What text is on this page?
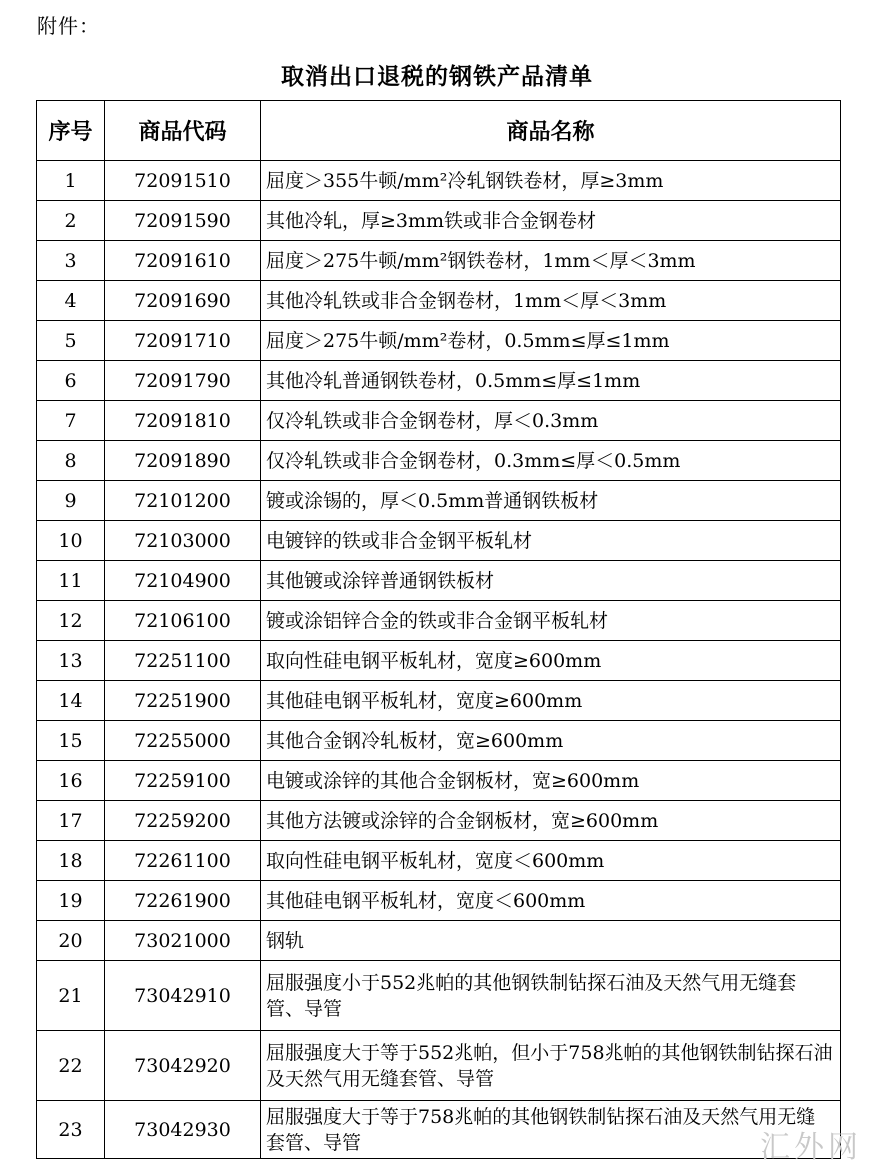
附件：
取消出口退税的钢铁产品清单
序号	商品代码	商品名称
1	72091510	屈度＞355牛顿/mm²冷轧钢铁卷材，厚≥3mm
2	72091590	其他冷轧，厚≥3mm铁或非合金钢卷材
3	72091610	屈度＞275牛顿/mm²钢铁卷材，1mm＜厚＜3mm
4	72091690	其他冷轧铁或非合金钢卷材，1mm＜厚＜3mm
5	72091710	屈度＞275牛顿/mm²卷材，0.5mm≤厚≤1mm
6	72091790	其他冷轧普通钢铁卷材，0.5mm≤厚≤1mm
7	72091810	仅冷轧铁或非合金钢卷材，厚＜0.3mm
8	72091890	仅冷轧铁或非合金钢卷材，0.3mm≤厚＜0.5mm
9	72101200	镀或涂锡的，厚＜0.5mm普通钢铁板材
10	72103000	电镀锌的铁或非合金钢平板轧材
11	72104900	其他镀或涂锌普通钢铁板材
12	72106100	镀或涂铝锌合金的铁或非合金钢平板轧材
13	72251100	取向性硅电钢平板轧材，宽度≥600mm
14	72251900	其他硅电钢平板轧材，宽度≥600mm
15	72255000	其他合金钢冷轧板材，宽≥600mm
16	72259100	电镀或涂锌的其他合金钢板材，宽≥600mm
17	72259200	其他方法镀或涂锌的合金钢板材，宽≥600mm
18	72261100	取向性硅电钢平板轧材，宽度＜600mm
19	72261900	其他硅电钢平板轧材，宽度＜600mm
20	73021000	钢轨
21	73042910	屈服强度小于552兆帕的其他钢铁制钻探石油及天然气用无缝套管、导管
22	73042920	屈服强度大于等于552兆帕，但小于758兆帕的其他钢铁制钻探石油及天然气用无缝套管、导管
23	73042930	屈服强度大于等于758兆帕的其他钢铁制钻探石油及天然气用无缝套管、导管	汇外网
